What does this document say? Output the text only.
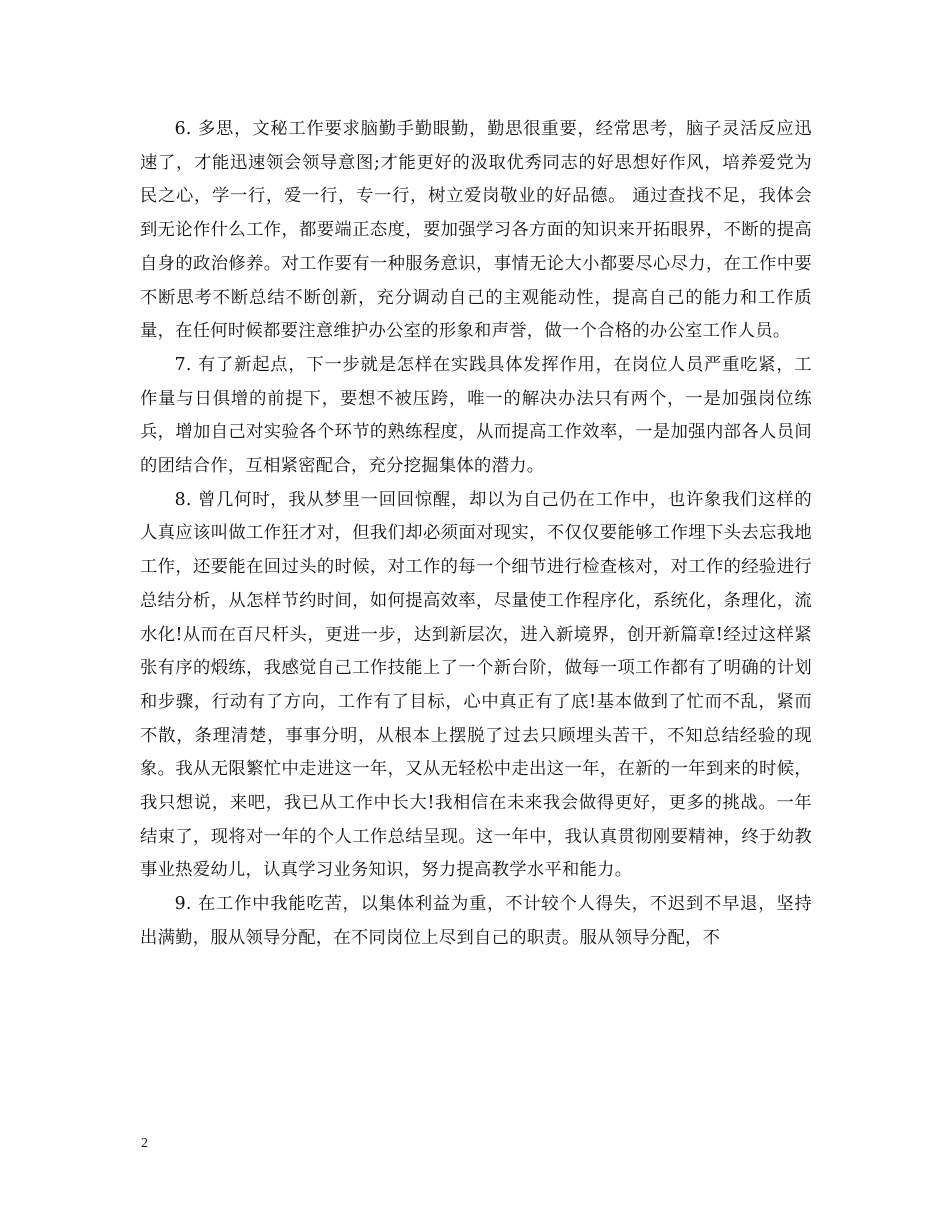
6. 多思，文秘工作要求脑勤手勤眼勤，勤思很重要，经常思考，脑子灵活反应迅速了，才能迅速领会领导意图;才能更好的汲取优秀同志的好思想好作风，培养爱党为民之心，学一行，爱一行，专一行，树立爱岗敬业的好品德。 通过查找不足，我体会到无论作什么工作，都要端正态度，要加强学习各方面的知识来开拓眼界，不断的提高自身的政治修养。对工作要有一种服务意识，事情无论大小都要尽心尽力，在工作中要不断思考不断总结不断创新，充分调动自己的主观能动性，提高自己的能力和工作质量，在任何时候都要注意维护办公室的形象和声誉，做一个合格的办公室工作人员。

7. 有了新起点，下一步就是怎样在实践具体发挥作用，在岗位人员严重吃紧，工作量与日俱增的前提下，要想不被压跨，唯一的解决办法只有两个，一是加强岗位练兵，增加自己对实验各个环节的熟练程度，从而提高工作效率，一是加强内部各人员间的团结合作，互相紧密配合，充分挖掘集体的潜力。

8. 曾几何时，我从梦里一回回惊醒，却以为自己仍在工作中，也许象我们这样的人真应该叫做工作狂才对，但我们却必须面对现实，不仅仅要能够工作埋下头去忘我地工作，还要能在回过头的时候，对工作的每一个细节进行检查核对，对工作的经验进行总结分析，从怎样节约时间，如何提高效率，尽量使工作程序化，系统化，条理化，流水化!从而在百尺杆头，更进一步，达到新层次，进入新境界，创开新篇章!经过这样紧张有序的煅练，我感觉自己工作技能上了一个新台阶，做每一项工作都有了明确的计划和步骤，行动有了方向，工作有了目标，心中真正有了底!基本做到了忙而不乱，紧而不散，条理清楚，事事分明，从根本上摆脱了过去只顾埋头苦干，不知总结经验的现象。我从无限繁忙中走进这一年，又从无轻松中走出这一年，在新的一年到来的时候，我只想说，来吧，我已从工作中长大!我相信在未来我会做得更好，更多的挑战。一年结束了，现将对一年的个人工作总结呈现。这一年中，我认真贯彻刚要精神，终于幼教事业热爱幼儿，认真学习业务知识，努力提高教学水平和能力。

9. 在工作中我能吃苦，以集体利益为重，不计较个人得失，不迟到不早退，坚持出满勤，服从领导分配，在不同岗位上尽到自己的职责。服从领导分配，不

2
